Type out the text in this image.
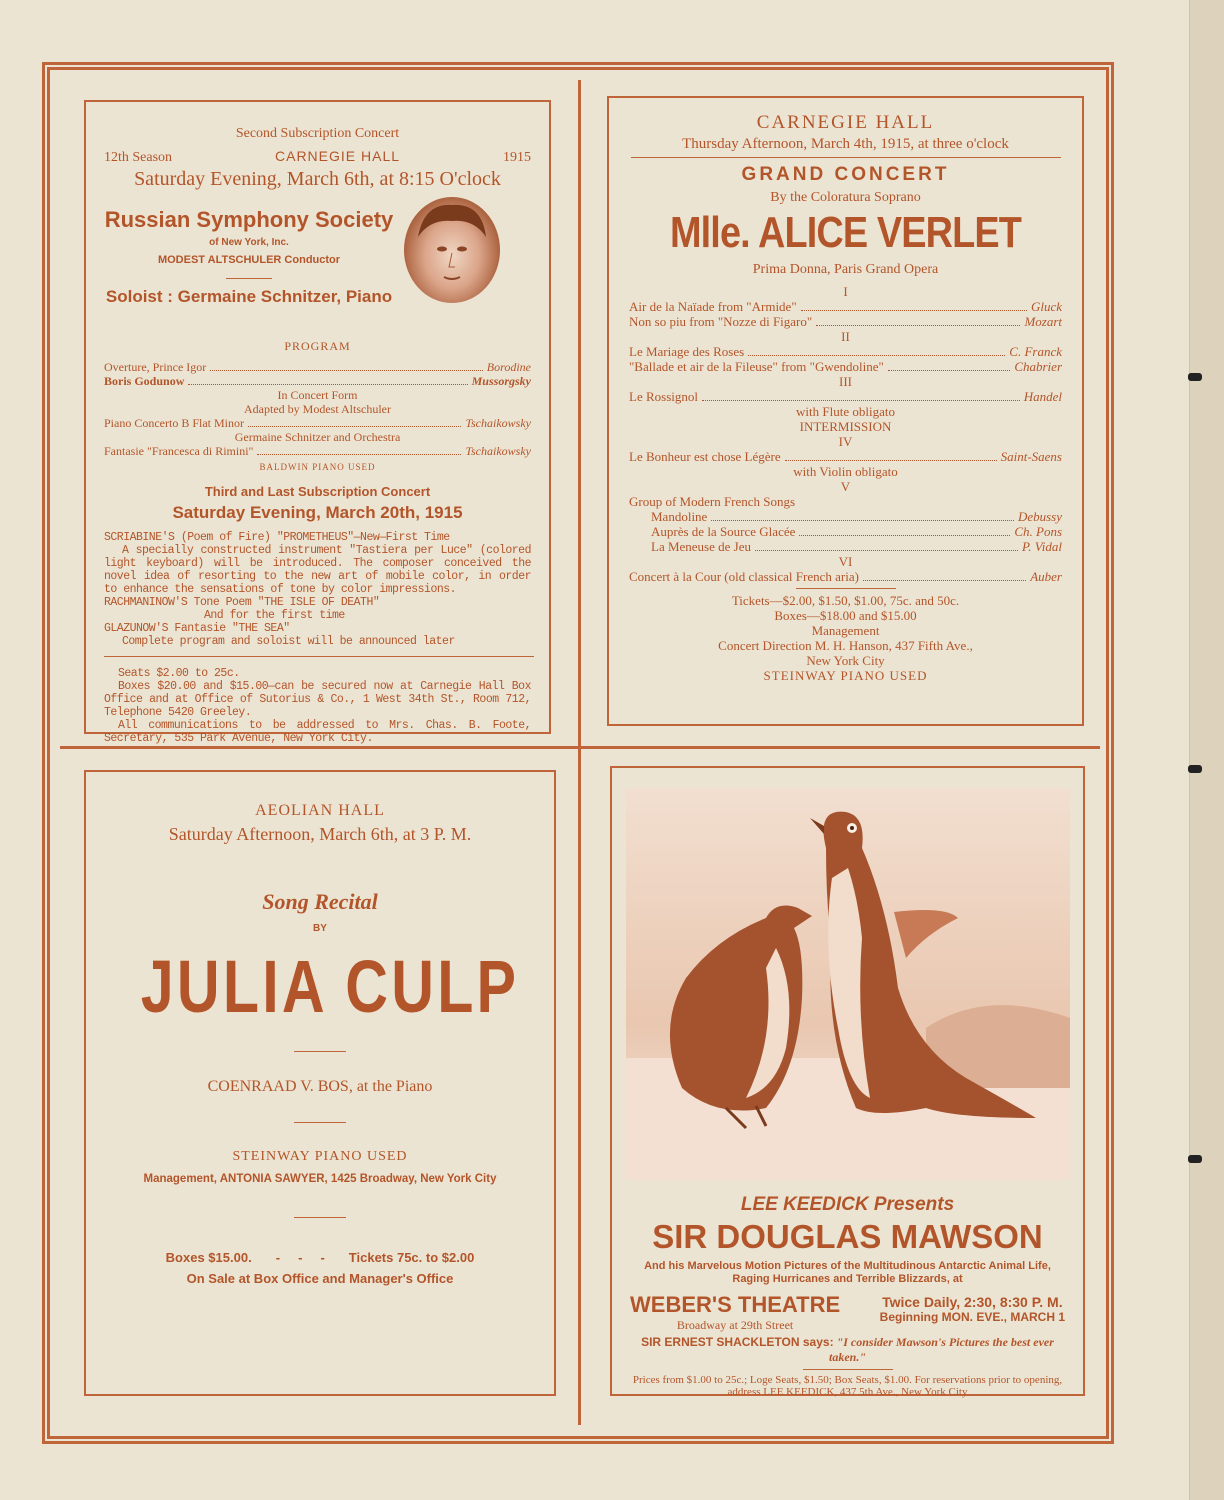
Second Subscription Concert
12th Season	CARNEGIE HALL	1915
Saturday Evening, March 6th, at 8:15 O'clock
Russian Symphony Society
of New York, Inc.
MODEST ALTSCHULER Conductor
Soloist : Germaine Schnitzer, Piano
PROGRAM
Overture, Prince Igor	Borodine
Boris Godunow	Mussorgsky
In Concert Form
Adapted by Modest Altschuler
Piano Concerto B Flat Minor	Tschaikowsky
Germaine Schnitzer and Orchestra
Fantasie "Francesca di Rimini"	Tschaikowsky
BALDWIN PIANO USED
Third and Last Subscription Concert
Saturday Evening, March 20th, 1915
SCRIABINE'S (Poem of Fire) "PROMETHEUS"—New—First Time
A specially constructed instrument "Tastiera per Luce" (colored light keyboard) will be introduced. The composer conceived the novel idea of resorting to the new art of mobile color, in order to enhance the sensations of tone by color impressions.
RACHMANINOW'S Tone Poem "THE ISLE OF DEATH"
And for the first time
GLAZUNOW'S Fantasie "THE SEA"
Complete program and soloist will be announced later
Seats $2.00 to 25c.
Boxes $20.00 and $15.00—can be secured now at Carnegie Hall Box Office and at Office of Sutorius & Co., 1 West 34th St., Room 712, Telephone 5420 Greeley.
All communications to be addressed to Mrs. Chas. B. Foote, Secretary, 535 Park Avenue, New York City.
CARNEGIE HALL
Thursday Afternoon, March 4th, 1915, at three o'clock
GRAND CONCERT
By the Coloratura Soprano
Mlle. ALICE VERLET
Prima Donna, Paris Grand Opera
I
Air de la Naïade from "Armide"	Gluck
Non so piu from "Nozze di Figaro"	Mozart
II
Le Mariage des Roses	C. Franck
"Ballade et air de la Fileuse" from "Gwendoline"	Chabrier
III
Le Rossignol	Handel
with Flute obligato
INTERMISSION
IV
Le Bonheur est chose Légère	Saint-Saens
with Violin obligato
V
Group of Modern French Songs
Mandoline	Debussy
Auprès de la Source Glacée	Ch. Pons
La Meneuse de Jeu	P. Vidal
VI
Concert à la Cour (old classical French aria)	Auber
Tickets—$2.00, $1.50, $1.00, 75c. and 50c.
Boxes—$18.00 and $15.00
Management
Concert Direction M. H. Hanson, 437 Fifth Ave.,
New York City
STEINWAY PIANO USED
AEOLIAN HALL
Saturday Afternoon, March 6th, at 3 P. M.
Song Recital
BY
JULIA CULP
COENRAAD V. BOS, at the Piano
STEINWAY PIANO USED
Management, ANTONIA SAWYER, 1425 Broadway, New York City
Boxes $15.00. -     -     - Tickets 75c. to $2.00
On Sale at Box Office and Manager's Office
LEE KEEDICK Presents
SIR DOUGLAS MAWSON
And his Marvelous Motion Pictures of the Multitudinous Antarctic Animal Life, Raging Hurricanes and Terrible Blizzards, at
WEBER'S THEATRE
Broadway at 29th Street
Twice Daily, 2:30, 8:30 P. M.
Beginning MON. EVE., MARCH 1
SIR ERNEST SHACKLETON says: "I consider Mawson's Pictures the best ever taken."
Prices from $1.00 to 25c.; Loge Seats, $1.50; Box Seats, $1.00. For reservations prior to opening, address LEE KEEDICK, 437 5th Ave., New York City
